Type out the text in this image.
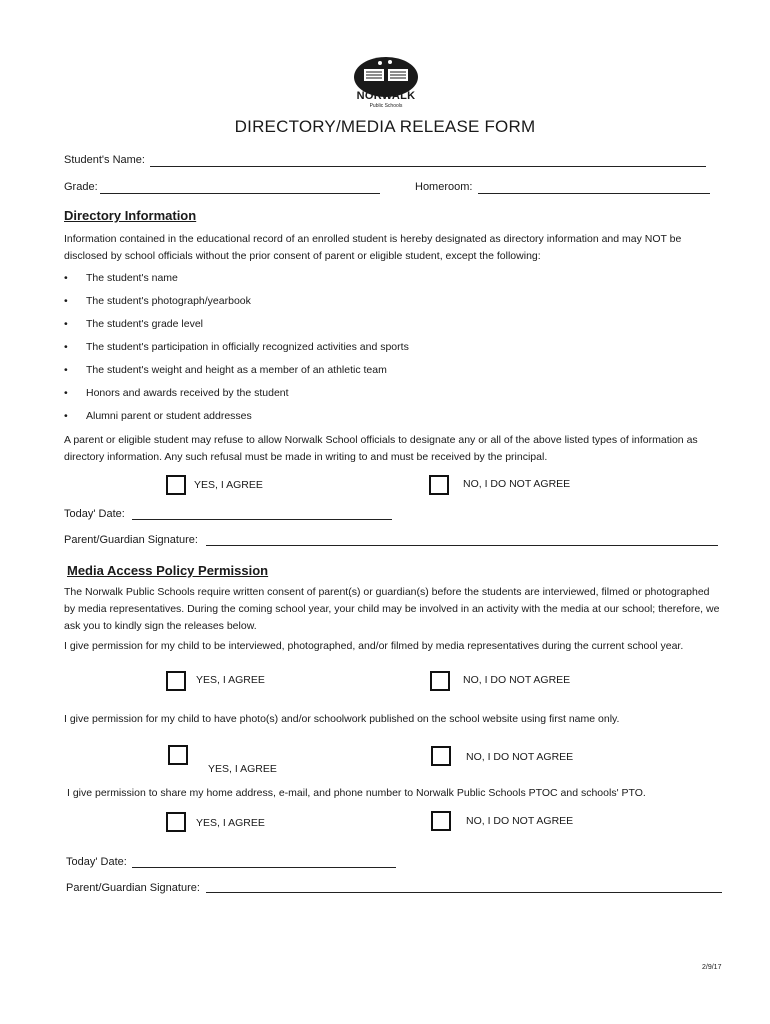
NORWALK
Public Schools
DIRECTORY/MEDIA RELEASE FORM
Student's Name:
Grade:	Homeroom:
Directory Information
Information contained in the educational record of an enrolled student is hereby designated as directory information and may NOT be disclosed by school officials without the prior consent of parent or eligible student, except the following:
• The student's name
• The student's photograph/yearbook
• The student's grade level
• The student's participation in officially recognized activities and sports
• The student's weight and height as a member of an athletic team
• Honors and awards received by the student
• Alumni parent or student addresses
A parent or eligible student may refuse to allow Norwalk School officials to designate any or all of the above listed types of information as directory information. Any such refusal must be made in writing to and must be received by the principal.
YES, I AGREE	NO, I DO NOT AGREE
Today' Date:
Parent/Guardian Signature:
Media Access Policy Permission
The Norwalk Public Schools require written consent of parent(s) or guardian(s) before the students are interviewed, filmed or photographed by media representatives. During the coming school year, your child may be involved in an activity with the media at our school; therefore, we ask you to kindly sign the releases below.
I give permission for my child to be interviewed, photographed, and/or filmed by media representatives during the current school year.
YES, I AGREE	NO, I DO NOT AGREE
I give permission for my child to have photo(s) and/or schoolwork published on the school website using first name only.
YES, I AGREE
NO, I DO NOT AGREE
I give permission to share my home address, e-mail, and phone number to Norwalk Public Schools PTOC and schools' PTO.
YES, I AGREE	NO, I DO NOT AGREE
Today' Date:
Parent/Guardian Signature:
2/9/17
